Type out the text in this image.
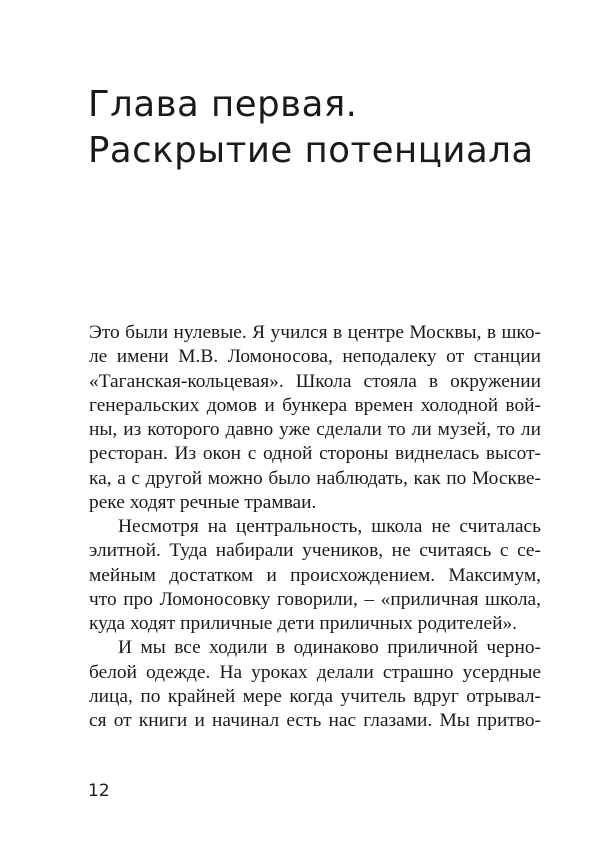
Глава первая.
Раскрытие потенциала
Это были нулевые. Я учился в центре Москвы, в шко-
ле имени М.В. Ломоносова, неподалеку от станции
«Таганская-кольцевая». Школа стояла в окружении
генеральских домов и бункера времен холодной вой-
ны, из которого давно уже сделали то ли музей, то ли
ресторан. Из окон с одной стороны виднелась высот-
ка, а с другой можно было наблюдать, как по Москве-
реке ходят речные трамваи.
Несмотря на центральность, школа не считалась
элитной. Туда набирали учеников, не считаясь с се-
мейным достатком и происхождением. Максимум,
что про Ломоносовку говорили, – «приличная школа,
куда ходят приличные дети приличных родителей».
И мы все ходили в одинаково приличной черно-
белой одежде. На уроках делали страшно усердные
лица, по крайней мере когда учитель вдруг отрывал-
ся от книги и начинал есть нас глазами. Мы притво-
12
